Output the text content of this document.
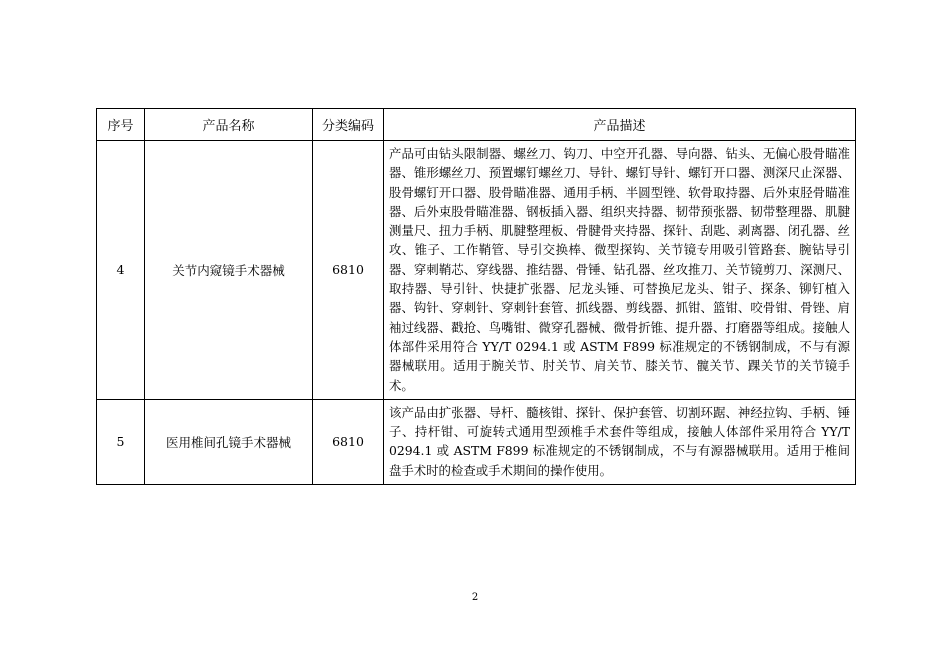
序号	产品名称	分类编码	产品描述
4	关节内窥镜手术器械	6810	产品可由钻头限制器、螺丝刀、钩刀、中空开孔器、导向器、钻头、无偏心股骨瞄准器、锥形螺丝刀、预置螺钉螺丝刀、导针、螺钉导针、螺钉开口器、测深尺止深器、股骨螺钉开口器、股骨瞄准器、通用手柄、半圆型锉、软骨取持器、后外束胫骨瞄准器、后外束股骨瞄准器、钢板插入器、组织夹持器、韧带预张器、韧带整理器、肌腱测量尺、扭力手柄、肌腱整理板、骨腱骨夹持器、探针、刮匙、剥离器、闭孔器、丝攻、锥子、工作鞘管、导引交换棒、微型探钩、关节镜专用吸引管路套、腕钻导引器、穿刺鞘芯、穿线器、推结器、骨锤、钻孔器、丝攻推刀、关节镜剪刀、深测尺、取持器、导引针、快捷扩张器、尼龙头锤、可替换尼龙头、钳子、探条、铆钉植入器、钩针、穿刺针、穿刺针套管、抓线器、剪线器、抓钳、篮钳、咬骨钳、骨锉、肩袖过线器、戳抢、鸟嘴钳、微穿孔器械、微骨折锥、提升器、打磨器等组成。接触人体部件采用符合 YY/T 0294.1 或 ASTM F899 标准规定的不锈钢制成，不与有源器械联用。适用于腕关节、肘关节、肩关节、膝关节、髋关节、踝关节的关节镜手术。
5	医用椎间孔镜手术器械	6810	该产品由扩张器、导杆、髓核钳、探针、保护套管、切割环踞、神经拉钩、手柄、锤子、持杆钳、可旋转式通用型颈椎手术套件等组成，接触人体部件采用符合 YY/T 0294.1 或 ASTM F899 标准规定的不锈钢制成，不与有源器械联用。适用于椎间盘手术时的检查或手术期间的操作使用。
2
